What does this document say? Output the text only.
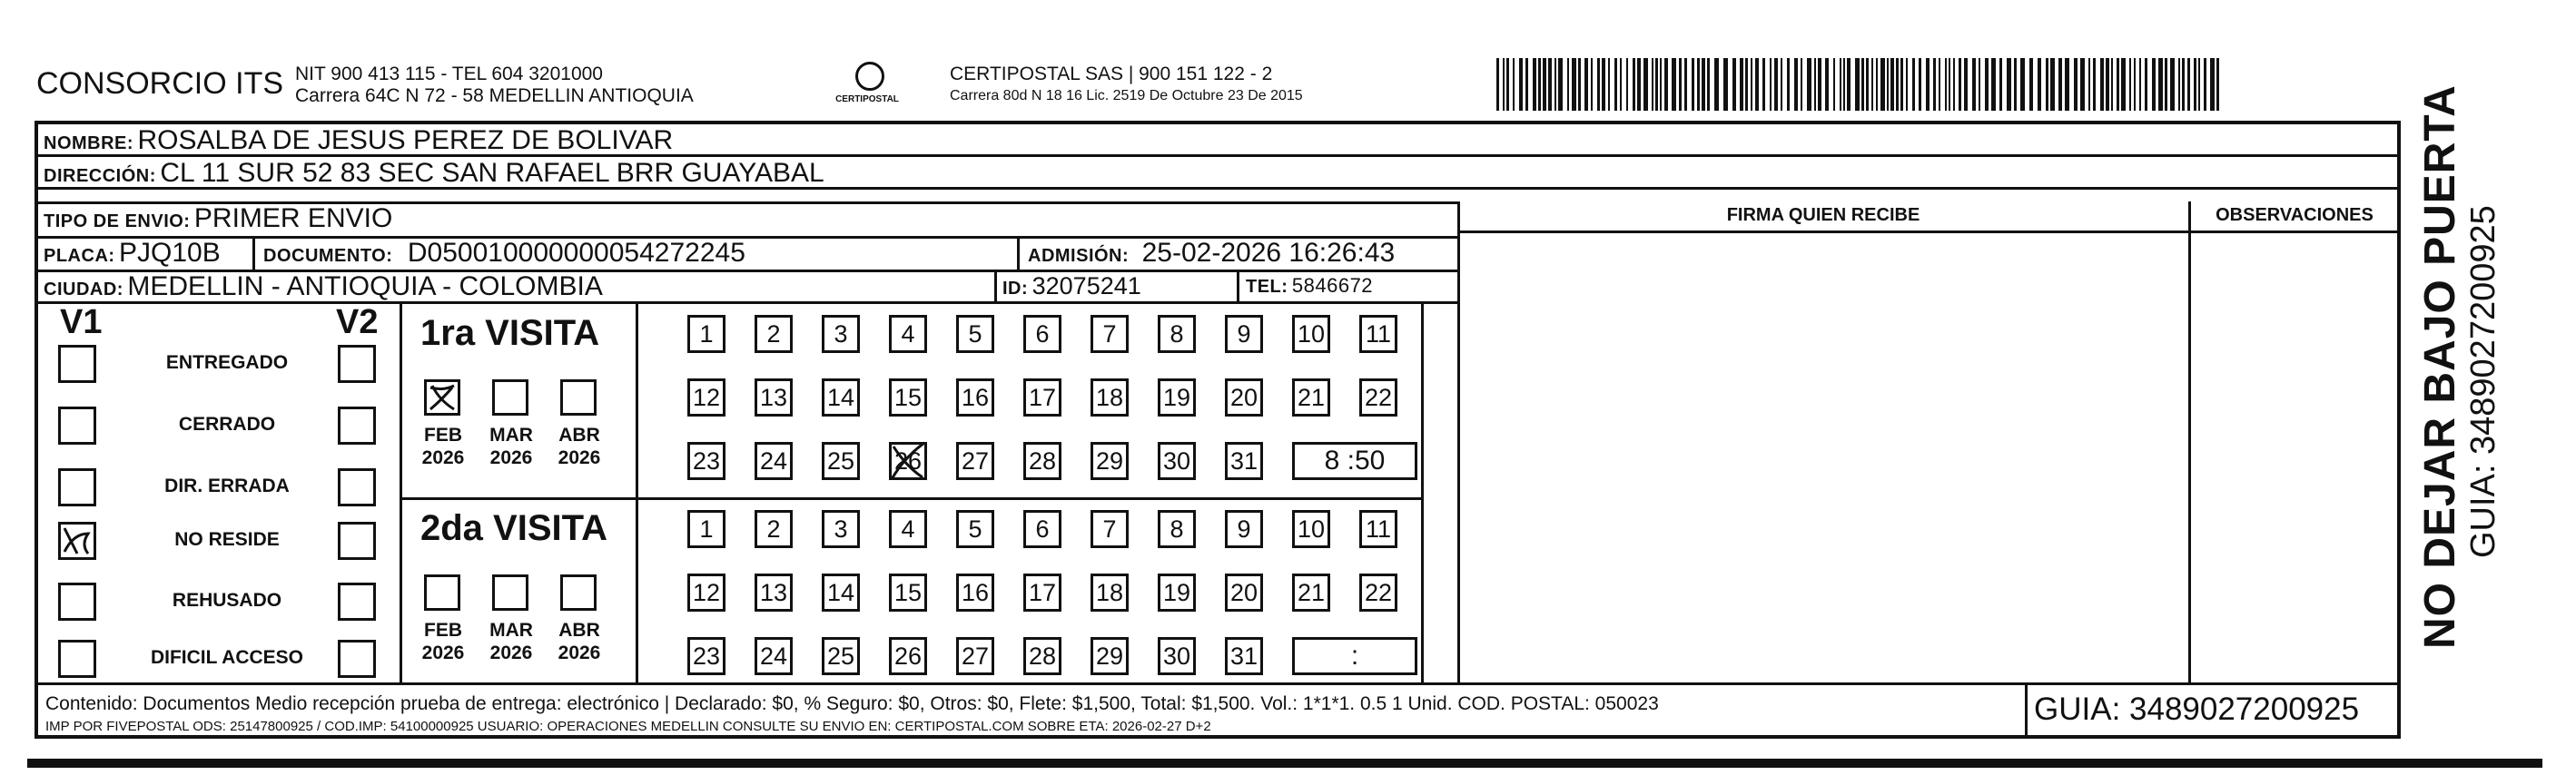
CONSORCIO ITS NIT 900 413 115 - TEL 604 3201000
Carrera 64C N 72 - 58 MEDELLIN ANTIOQUIA	CERTIPOSTAL
CERTIPOSTAL SAS | 900 151 122 - 2
Carrera 80d N 18 16 Lic. 2519 De Octubre 23 De 2015
NOMBRE: ROSALBA DE JESUS PEREZ DE BOLIVAR
DIRECCIÓN: CL 11 SUR 52 83 SEC SAN RAFAEL BRR GUAYABAL
TIPO DE ENVIO: PRIMER ENVIO	FIRMA QUIEN RECIBE	OBSERVACIONES
PLACA: PJQ10B DOCUMENTO: D050010000000054272245	ADMISIÓN: 25-02-2026 16:26:43
CIUDAD: MEDELLIN - ANTIOQUIA - COLOMBIA	ID: 32075241	TEL: 5846672
V1	V2
ENTREGADO
CERRADO
DIR. ERRADA
NO RESIDE
REHUSADO
DIFICIL ACCESO
1ra VISITA
FEB
2026
MAR
2026
ABR
2026
1	2	3	4	5	6	7	8	9	10 11
12 13 14 15 16 17 18 19 20 21 22
23 24 25 26 27 28 29 30 31	8 :50
2da VISITA
FEB
2026
MAR
2026
ABR
2026
1	2	3	4	5	6	7	8	9	10 11
12 13 14 15 16 17 18 19 20 21 22
23 24 25 26 27 28 29 30 31	:
Contenido: Documentos Medio recepción prueba de entrega: electrónico | Declarado: $0, % Seguro: $0, Otros: $0, Flete: $1,500, Total: $1,500. Vol.: 1*1*1. 0.5 1 Unid. COD. POSTAL: 050023
IMP POR FIVEPOSTAL ODS: 25147800925 / COD.IMP: 54100000925 USUARIO: OPERACIONES MEDELLIN CONSULTE SU ENVIO EN: CERTIPOSTAL.COM SOBRE ETA: 2026-02-27 D+2	GUIA: 3489027200925
NO DEJAR BAJO PUERTA GUIA: 3489027200925
